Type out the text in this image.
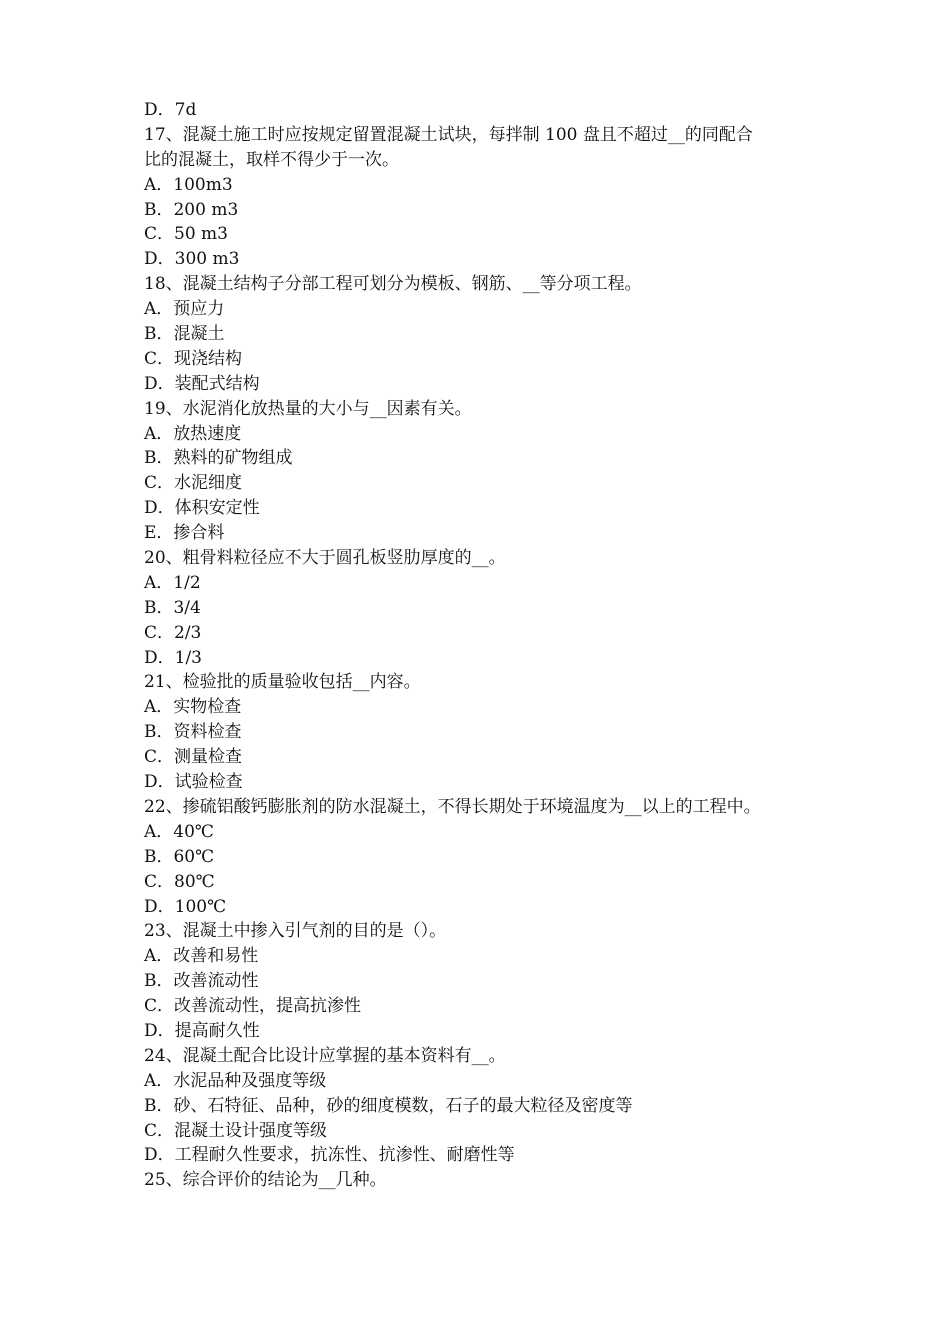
D．7d
17、混凝土施工时应按规定留置混凝土试块，每拌制 100 盘且不超过__的同配合
比的混凝土，取样不得少于一次。
A．100m3
B．200 m3
C．50 m3
D．300 m3
18、混凝土结构子分部工程可划分为模板、钢筋、__等分项工程。
A．预应力
B．混凝土
C．现浇结构
D．装配式结构
19、水泥消化放热量的大小与__因素有关。
A．放热速度
B．熟料的矿物组成
C．水泥细度
D．体积安定性
E．掺合料
20、粗骨料粒径应不大于圆孔板竖肋厚度的__。
A．1/2
B．3/4
C．2/3
D．1/3
21、检验批的质量验收包括__内容。
A．实物检查
B．资料检查
C．测量检查
D．试验检查
22、掺硫铝酸钙膨胀剂的防水混凝土，不得长期处于环境温度为__以上的工程中。
A．40℃
B．60℃
C．80℃
D．100℃
23、混凝土中掺入引气剂的目的是（）。
A．改善和易性
B．改善流动性
C．改善流动性，提高抗渗性
D．提高耐久性
24、混凝土配合比设计应掌握的基本资料有__。
A．水泥品种及强度等级
B．砂、石特征、品种，砂的细度模数，石子的最大粒径及密度等
C．混凝土设计强度等级
D．工程耐久性要求，抗冻性、抗渗性、耐磨性等
25、综合评价的结论为__几种。
